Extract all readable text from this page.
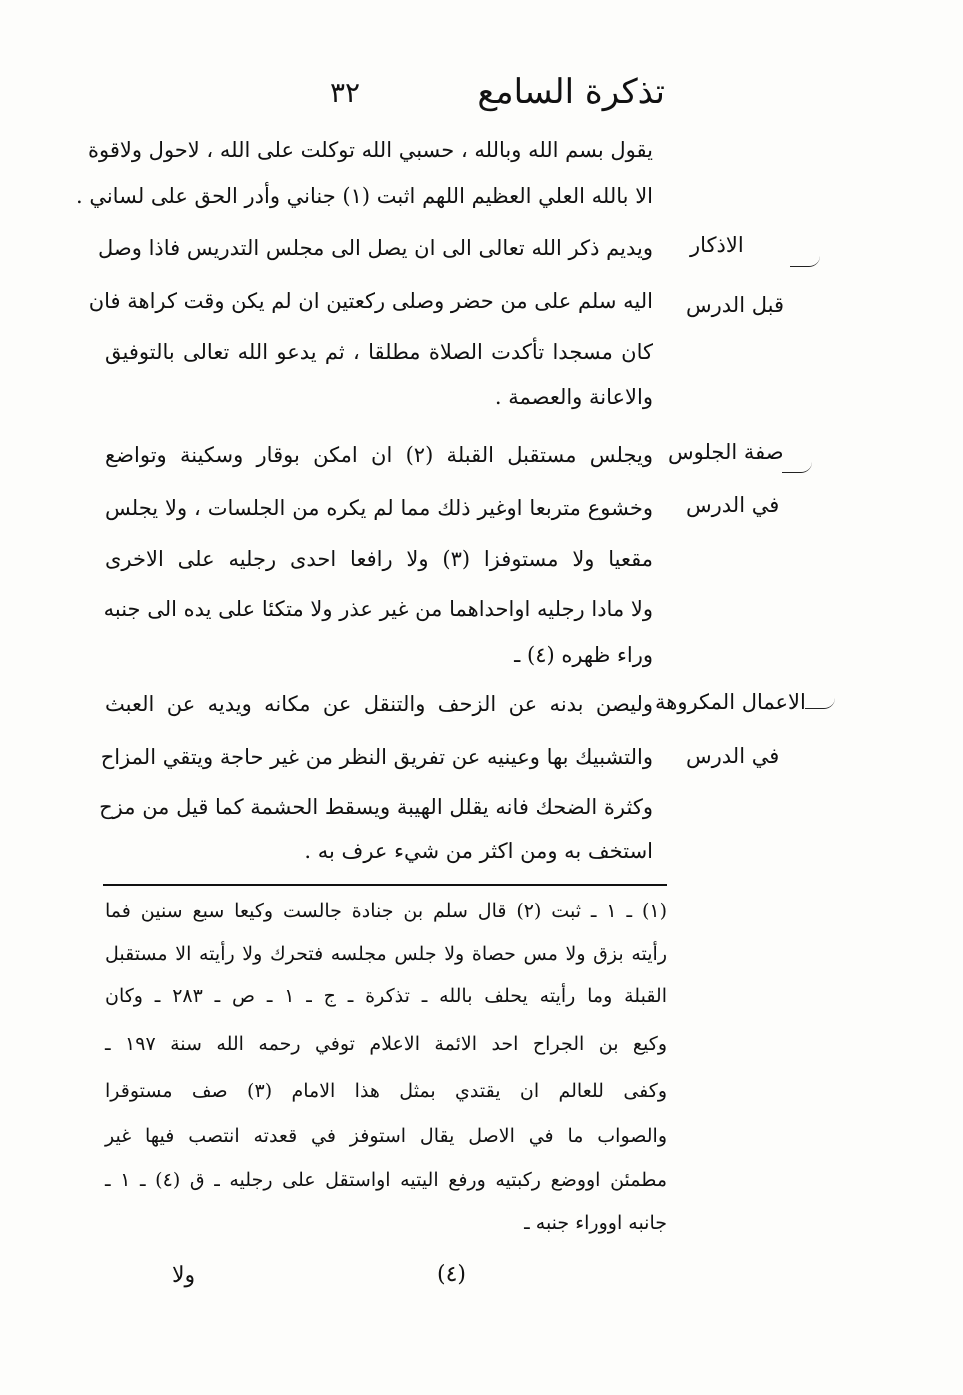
٣٢	تذكرة السامع
يقول بسم الله وبالله ، حسبي الله توكلت على الله ، لاحول ولاقوة
الا بالله العلي العظيم اللهم اثبت (١) جناني وأدر الحق على لساني .
الاذكار
قبل الدرس
ويديم ذكر الله تعالى الى ان يصل الى مجلس التدريس فاذا وصل
اليه سلم على من حضر وصلى ركعتين ان لم يكن وقت كراهة فان
كان مسجدا تأكدت الصلاة مطلقا ، ثم يدعو الله تعالى بالتوفيق
والاعانة والعصمة .
صفة الجلوس
في الدرس
ويجلس مستقبل القبلة (٢) ان امكن بوقار وسكينة وتواضع
وخشوع متربعا اوغير ذلك مما لم يكره من الجلسات ، ولا يجلس
مقعيا ولا مستوفزا (٣) ولا رافعا احدى رجليه على الاخرى
ولا مادا رجليه اواحداهما من غير عذر ولا متكئا على يده الى جنبه
وراء ظهره (٤) ـ
الاعمال المكروهة
في الدرس
وليصن بدنه عن الزحف والتنقل عن مكانه ويديه عن العبث
والتشبيك بها وعينيه عن تفريق النظر من غير حاجة ويتقي المزاح
وكثرة الضحك فانه يقلل الهيبة ويسقط الحشمة كما قيل من مزح
استخف به ومن اكثر من شيء عرف به .
(١) ـ ١ ـ ثبت (٢) قال سلم بن جنادة جالست وكيعا سبع سنين فما
رأيته بزق ولا مس حصاة ولا جلس مجلسه فتحرك ولا رأيته الا مستقبل
القبلة وما رأيته يحلف بالله ـ تذكرة ـ ج ـ ١ ـ ص ـ ٢٨٣ ـ وكان
وكيع بن الجراح احد الائمة الاعلام توفي رحمه الله سنة ١٩٧ ـ
وكفى للعالم ان يقتدي بمثل هذا الامام (٣) صف مستوقرا
والصواب ما في الاصل يقال استوفز في قعدته انتصب فيها غير
مطمئن اووضع ركبتيه ورفع اليتيه اواستقل على رجليه ـ ق (٤) ـ ١ ـ
جانبه اووراء جنبه ـ
ولا	(٤)
